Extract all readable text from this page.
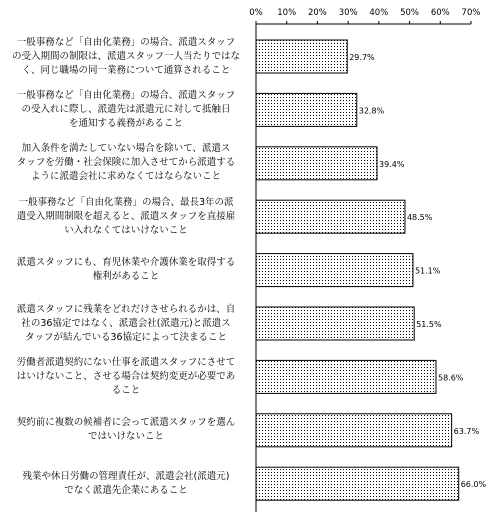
0% 10% 20% 30% 40% 50% 60% 70%
29.7%
32.8%
39.4%
48.5%
51.1%
51.5%
58.6%
63.7%
66.0%
一般事務など「自由化業務」の場合、派遣スタッフ
の受入期間の制限は、派遣スタッフ一人当たりではな
く、同じ職場の同一業務について通算されること
一般事務など「自由化業務」の場合、派遣スタッフ
の受入れに際し、派遣先は派遣元に対して抵触日
を通知する義務があること
加入条件を満たしていない場合を除いて、派遣ス
タッフを労働・社会保険に加入させてから派遣する
ように派遣会社に求めなくてはならないこと
一般事務など「自由化業務」の場合、最長3年の派
遣受入期間制限を超えると、派遣スタッフを直接雇
い入れなくてはいけないこと
派遣スタッフにも、育児休業や介護休業を取得する
権利があること
派遣スタッフに残業をどれだけさせられるかは、自
社の36協定ではなく、派遣会社(派遣元)と派遣ス
タッフが結んでいる36協定によって決まること
労働者派遣契約にない仕事を派遣スタッフにさせて
はいけないこと、させる場合は契約変更が必要であ
ること
契約前に複数の候補者に会って派遣スタッフを選ん
ではいけないこと
残業や休日労働の管理責任が、派遣会社(派遣元)
でなく派遣先企業にあること
